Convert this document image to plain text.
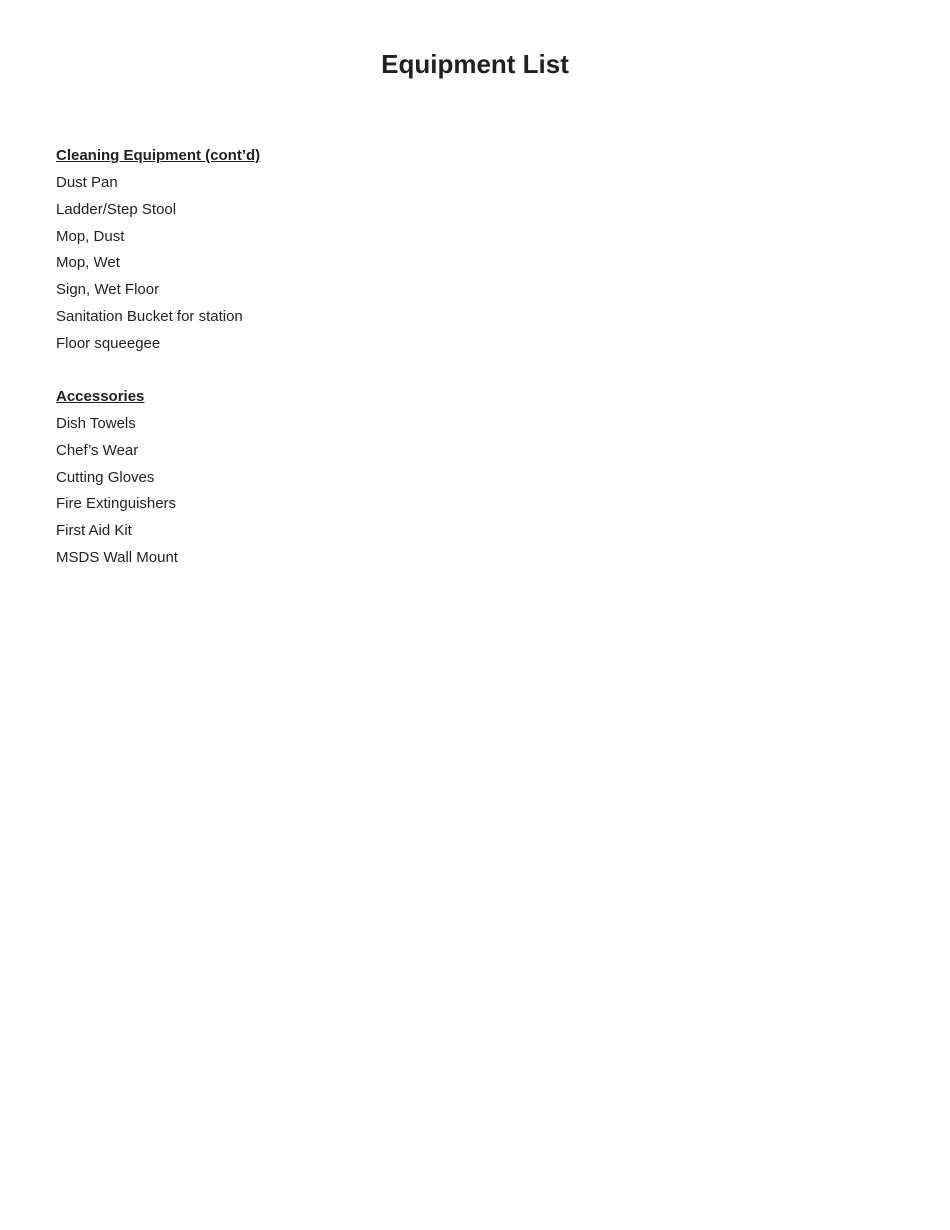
Equipment List
Cleaning Equipment (cont’d)
Dust Pan
Ladder/Step Stool
Mop, Dust
Mop, Wet
Sign, Wet Floor
Sanitation Bucket for station
Floor squeegee
Accessories
Dish Towels
Chef’s Wear
Cutting Gloves
Fire Extinguishers
First Aid Kit
MSDS Wall Mount
